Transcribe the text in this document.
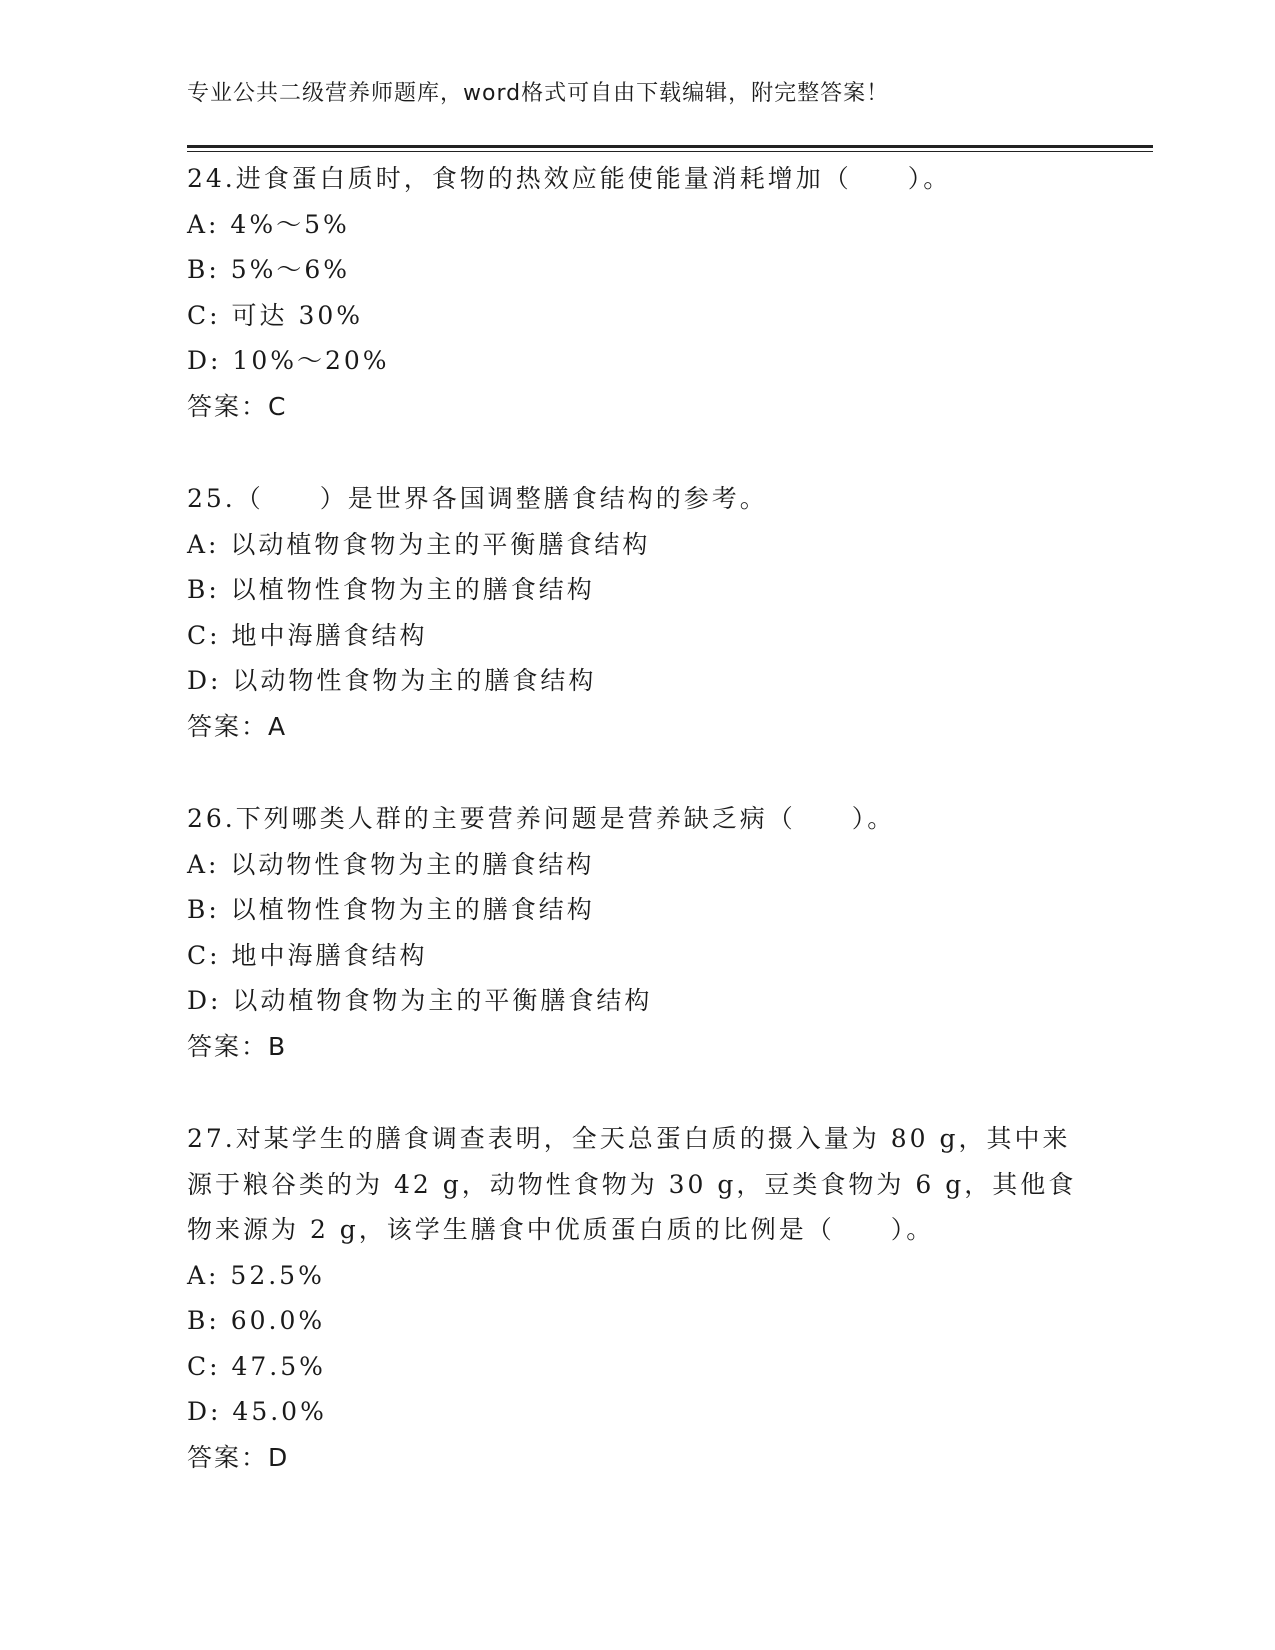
专业公共二级营养师题库，word格式可自由下载编辑，附完整答案！
24.进食蛋白质时，食物的热效应能使能量消耗增加（　　）。
A: 4%～5%
B: 5%～6%
C: 可达 30%
D: 10%～20%
答案：C
25.（　　）是世界各国调整膳食结构的参考。
A: 以动植物食物为主的平衡膳食结构
B: 以植物性食物为主的膳食结构
C: 地中海膳食结构
D: 以动物性食物为主的膳食结构
答案：A
26.下列哪类人群的主要营养问题是营养缺乏病（　　）。
A: 以动物性食物为主的膳食结构
B: 以植物性食物为主的膳食结构
C: 地中海膳食结构
D: 以动植物食物为主的平衡膳食结构
答案：B
27.对某学生的膳食调查表明，全天总蛋白质的摄入量为 80 g，其中来
源于粮谷类的为 42 g，动物性食物为 30 g，豆类食物为 6 g，其他食
物来源为 2 g，该学生膳食中优质蛋白质的比例是（　　）。
A: 52.5%
B: 60.0%
C: 47.5%
D: 45.0%
答案：D
